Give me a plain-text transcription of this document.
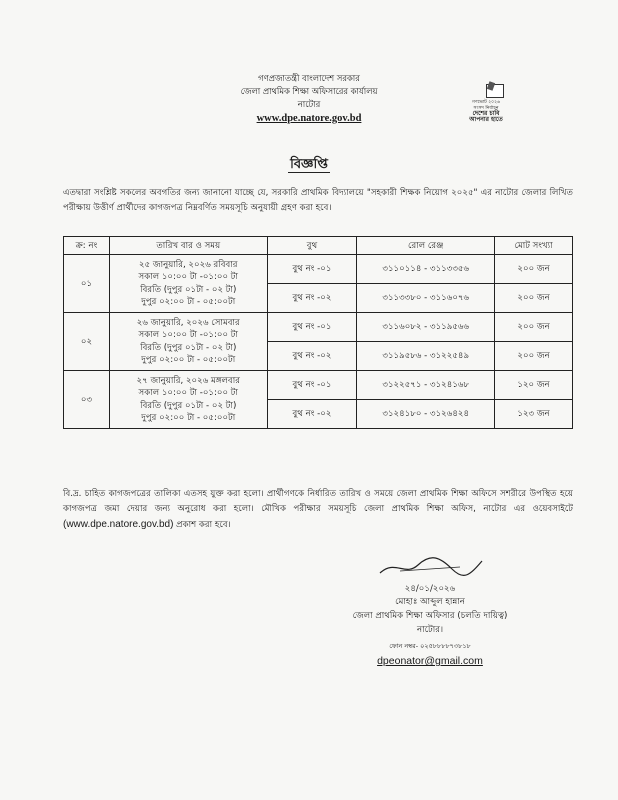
গণপ্রজাতন্ত্রী বাংলাদেশ সরকার
জেলা প্রাথমিক শিক্ষা অফিসারের কার্যালয়
নাটোর
www.dpe.natore.gov.bd
গণভোট ২০২৬
সংসদ নির্বাচন
দেশের চাবি
আপনার হাতে
বিজ্ঞপ্তি
এতদ্বারা সংশ্লিষ্ট সকলের অবগতির জন্য জানানো যাচ্ছে যে, সরকারি প্রাথমিক বিদ্যালয়ে "সহকারী শিক্ষক নিয়োগ ২০২৫" এর নাটোর জেলার লিখিত পরীক্ষায় উত্তীর্ণ প্রার্থীদের কাগজপত্র নিম্নবর্ণিত সময়সূচি অনুযায়ী গ্রহণ করা হবে।
ক্র: নং	তারিখ বার ও সময়	বুথ	রোল রেঞ্জ	মোট সংখ্যা
০১	২৫ জানুয়ারি, ২০২৬ রবিবার
সকাল ১০:০০ টা -০১:০০ টা
বিরতি (দুপুর ০১টা - ০২ টা)
দুপুর ০২:০০ টা - ০৫:০০টা	বুথ নং -০১	৩১১০১১৪ - ৩১১৩৩৫৬	২০০ জন
		বুথ নং -০২	৩১১৩৩৮০ - ৩১১৬০৭৬	২০০ জন
০২	২৬ জানুয়ারি, ২০২৬ সোমবার
সকাল ১০:০০ টা -০১:০০ টা
বিরতি (দুপুর ০১টা - ০২ টা)
দুপুর ০২:০০ টা - ০৫:০০টা	বুথ নং -০১	৩১১৬০৮২ - ৩১১৯৫৬৬	২০০ জন
		বুথ নং -০২	৩১১৯৫৮৬ - ৩১২২৫৪৯	২০০ জন
০৩	২৭ জানুয়ারি, ২০২৬ মঙ্গলবার
সকাল ১০:০০ টা -০১:০০ টা
বিরতি (দুপুর ০১টা - ০২ টা)
দুপুর ০২:০০ টা - ০৫:০০টা	বুথ নং -০১	৩১২২৫৭১ - ৩১২৪১৬৮	১২০ জন
		বুথ নং -০২	৩১২৪১৮০ - ৩১২৬৪২৪	১২৩ জন
বি.দ্র. চাহিত কাগজপত্রের তালিকা এতসহ যুক্ত করা হলো। প্রার্থীগণকে নির্ধারিত তারিখ ও সময়ে জেলা প্রাথমিক শিক্ষা অফিসে সশরীরে উপস্থিত হয়ে কাগজপত্র জমা দেয়ার জন্য অনুরোধ করা হলো। মৌখিক পরীক্ষার সময়সূচি জেলা প্রাথমিক শিক্ষা অফিস, নাটোর এর ওয়েবসাইটে (www.dpe.natore.gov.bd) প্রকাশ করা হবে।
২৪/০১/২০২৬
মোহাঃ আব্দুল হান্নান
জেলা প্রাথমিক শিক্ষা অফিসার (চলতি দায়িত্ব)
নাটোর।
ফোন নম্বর- ০২৫৮৮৮৮৭৩৮১৮
dpeonator@gmail.com
